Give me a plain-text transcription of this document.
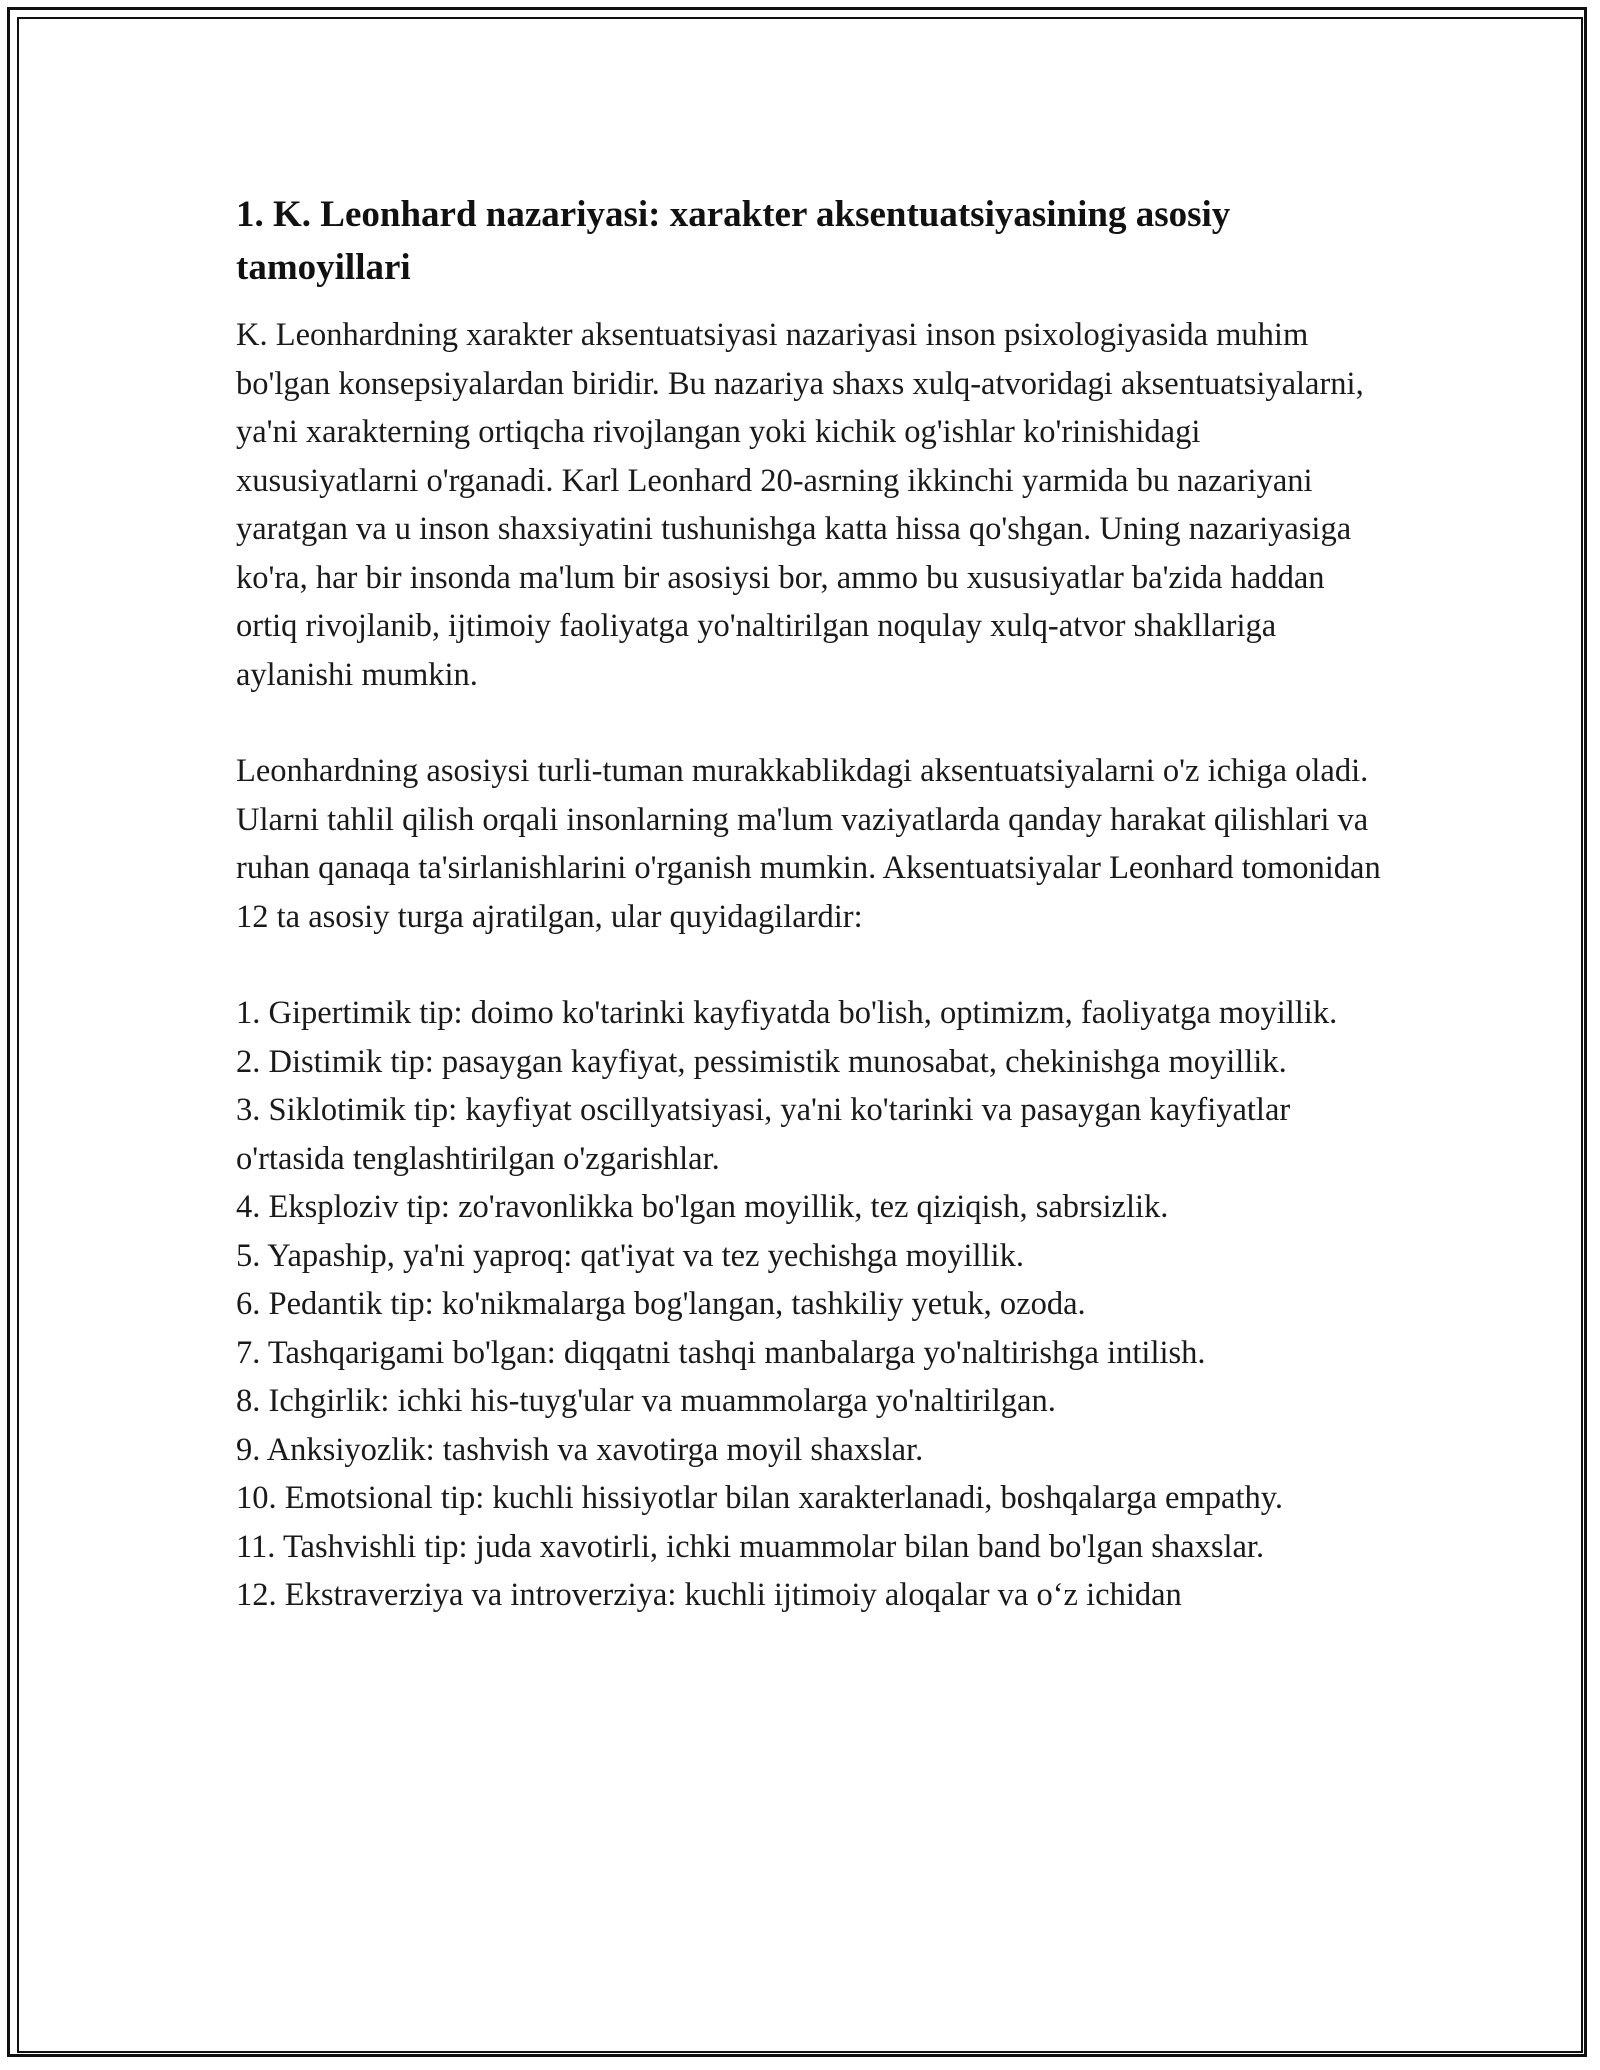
1. K. Leonhard nazariyasi: xarakter aksentuatsiyasining asosiy tamoyillari

K. Leonhardning xarakter aksentuatsiyasi nazariyasi inson psixologiyasida muhim bo'lgan konsepsiyalardan biridir. Bu nazariya shaxs xulq-atvoridagi aksentuatsiyalarni, ya'ni xarakterning ortiqcha rivojlangan yoki kichik og'ishlar ko'rinishidagi xususiyatlarni o'rganadi. Karl Leonhard 20-asrning ikkinchi yarmida bu nazariyani yaratgan va u inson shaxsiyatini tushunishga katta hissa qo'shgan. Uning nazariyasiga ko'ra, har bir insonda ma'lum bir asosiysi bor, ammo bu xususiyatlar ba'zida haddan ortiq rivojlanib, ijtimoiy faoliyatga yo'naltirilgan noqulay xulq-atvor shakllariga aylanishi mumkin.

Leonhardning asosiysi turli-tuman murakkablikdagi aksentuatsiyalarni o'z ichiga oladi. Ularni tahlil qilish orqali insonlarning ma'lum vaziyatlarda qanday harakat qilishlari va ruhan qanaqa ta'sirlanishlarini o'rganish mumkin. Aksentuatsiyalar Leonhard tomonidan 12 ta asosiy turga ajratilgan, ular quyidagilardir:

1. Gipertimik tip: doimo ko'tarinki kayfiyatda bo'lish, optimizm, faoliyatga moyillik.
2. Distimik tip: pasaygan kayfiyat, pessimistik munosabat, chekinishga moyillik.
3. Siklotimik tip: kayfiyat oscillyatsiyasi, ya'ni ko'tarinki va pasaygan kayfiyatlar o'rtasida tenglashtirilgan o'zgarishlar.
4. Eksploziv tip: zo'ravonlikka bo'lgan moyillik, tez qiziqish, sabrsizlik.
5. Yapaship, ya'ni yaproq: qat'iyat va tez yechishga moyillik.
6. Pedantik tip: ko'nikmalarga bog'langan, tashkiliy yetuk, ozoda.
7. Tashqarigami bo'lgan: diqqatni tashqi manbalarga yo'naltirishga intilish.
8. Ichgirlik: ichki his-tuyg'ular va muammolarga yo'naltirilgan.
9. Anksiyozlik: tashvish va xavotirga moyil shaxslar.
10. Emotsional tip: kuchli hissiyotlar bilan xarakterlanadi, boshqalarga empathy.
11. Tashvishli tip: juda xavotirli, ichki muammolar bilan band bo'lgan shaxslar.
12. Ekstraverziya va introverziya: kuchli ijtimoiy aloqalar va o‘z ichidan
